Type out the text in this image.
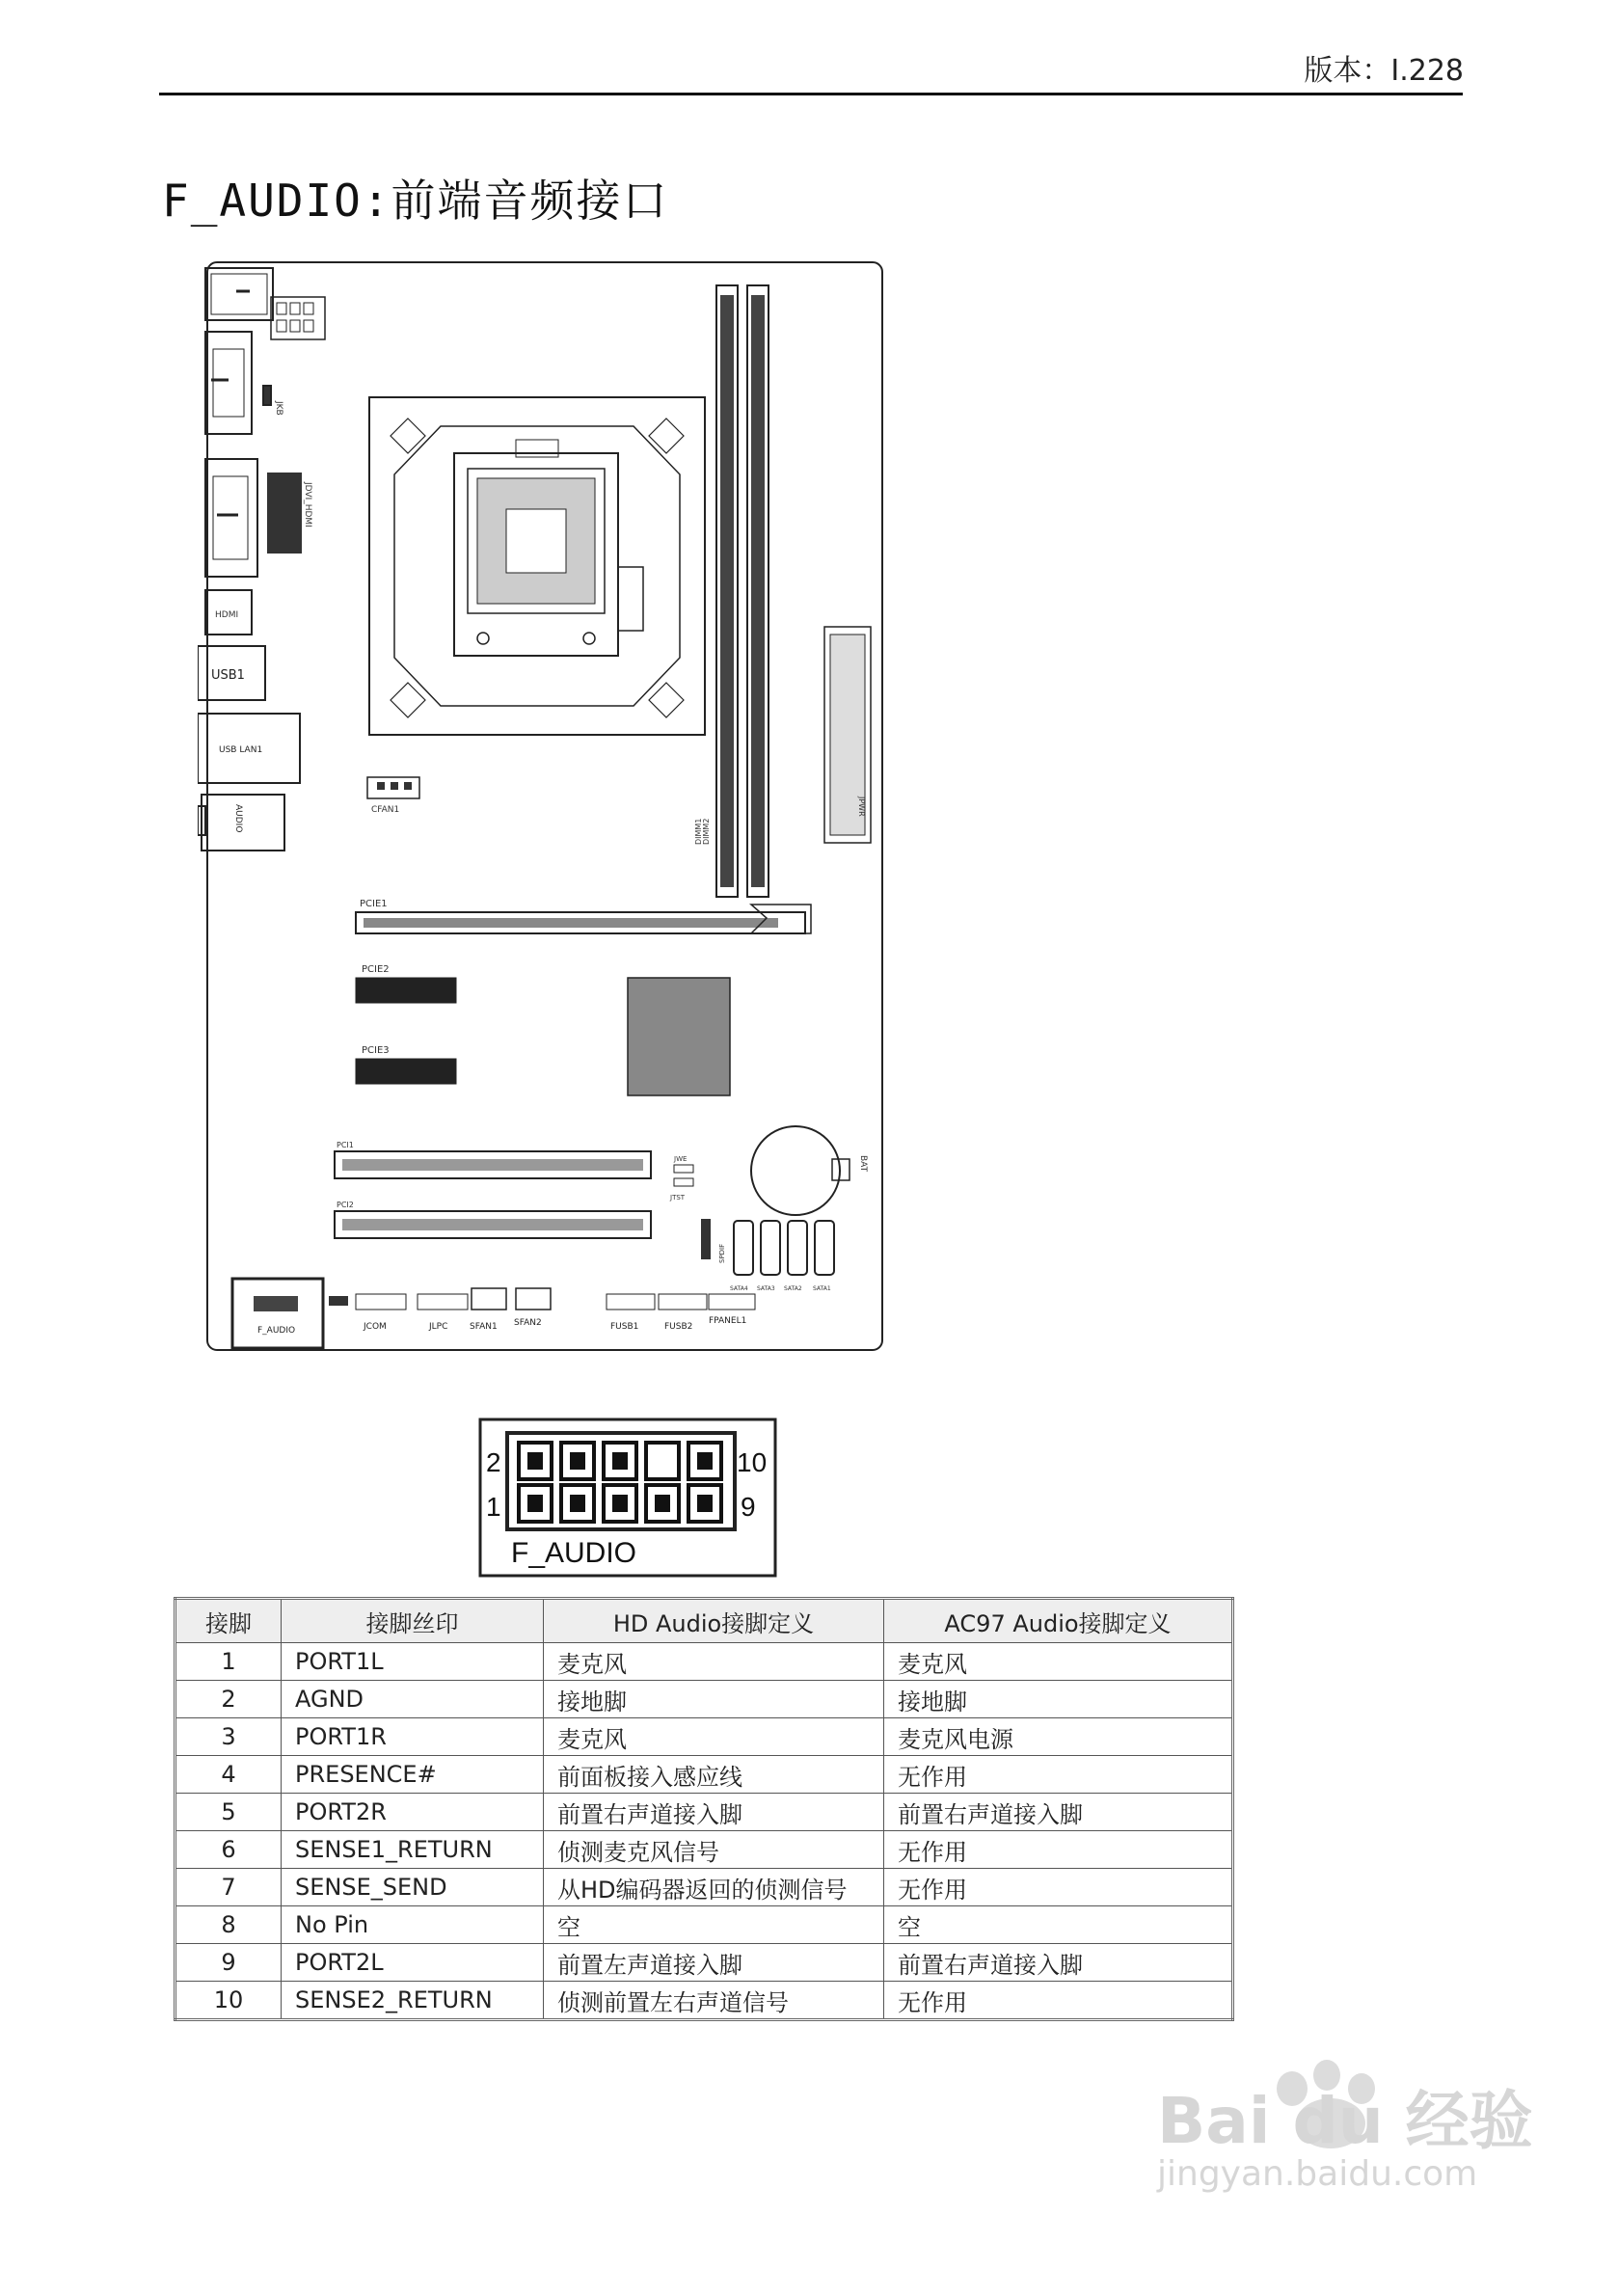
版本：I.228
F_AUDIO:前端音频接口
JKB
JDVI_HDMI
HDMI
USB1
USB LAN1
AUDIO	DIMM1 DIMM2
JPWR
CFAN1
PCIE1
PCIE2
PCIE3
PCI1
PCI2
BAT
JWE
JTST
SPDIF
SATA4 SATA3 SATA2 SATA1
F_AUDIO	JCOM	JLPC	SFAN1 SFAN2	FUSB1	FUSB2
FPANEL1
2
1
10
9
F_AUDIO
接脚	接脚丝印	HD Audio接脚定义	AC97 Audio接脚定义
1	PORT1L	麦克风	麦克风
2	AGND	接地脚	接地脚
3	PORT1R	麦克风	麦克风电源
4	PRESENCE#	前面板接入感应线	无作用
5	PORT2R	前置右声道接入脚	前置右声道接入脚
6	SENSE1_RETURN	侦测麦克风信号	无作用
7	SENSE_SEND	从HD编码器返回的侦测信号	无作用
8	No Pin	空	空
9	PORT2L	前置左声道接入脚	前置右声道接入脚
10	SENSE2_RETURN	侦测前置左右声道信号	无作用
Bai du 经验
jingyan.baidu.com
